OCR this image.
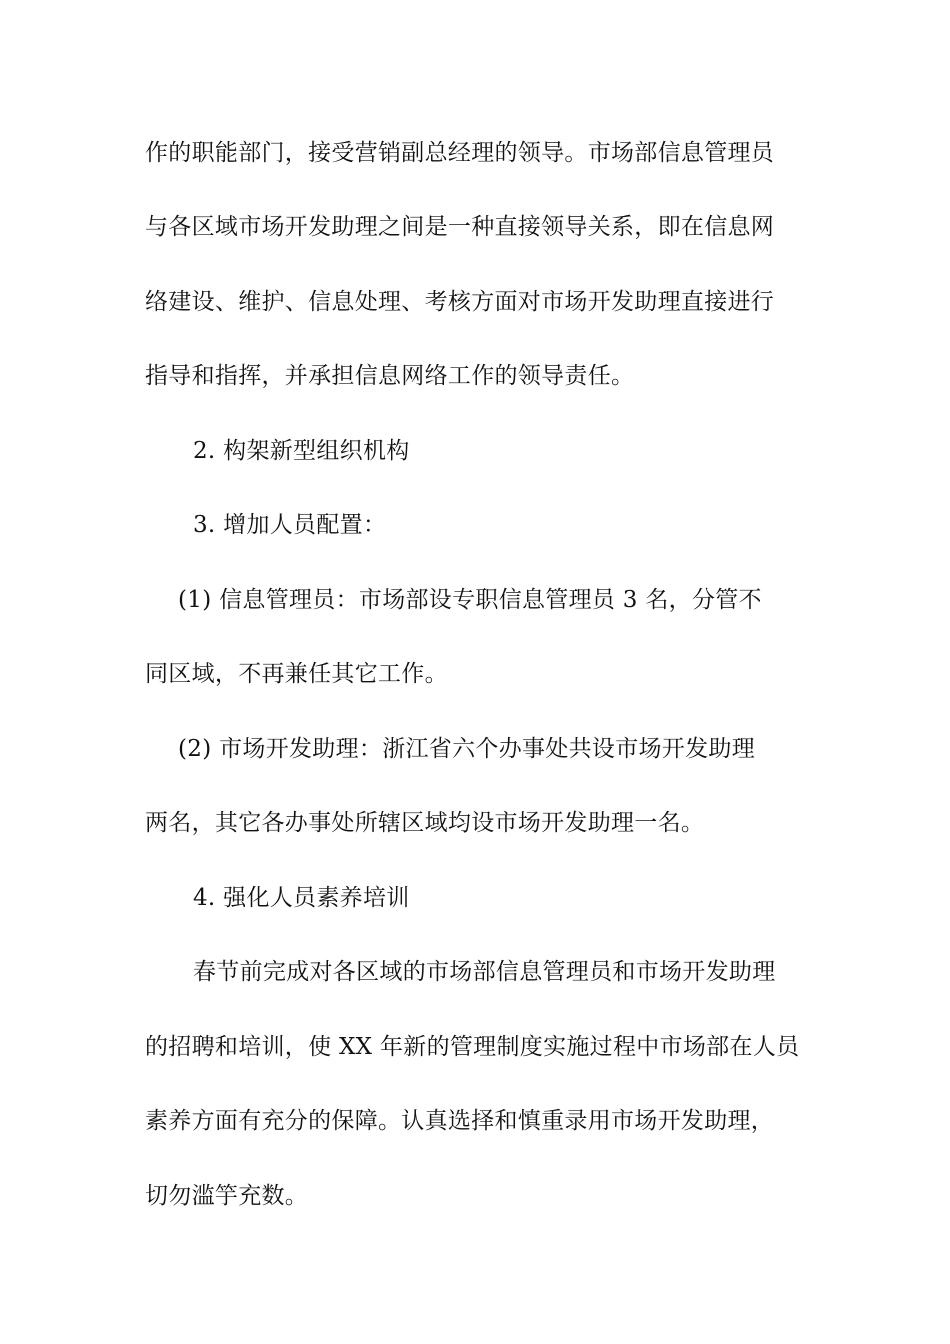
作的职能部门，接受营销副总经理的领导。市场部信息管理员
与各区域市场开发助理之间是一种直接领导关系，即在信息网
络建设、维护、信息处理、考核方面对市场开发助理直接进行
指导和指挥，并承担信息网络工作的领导责任。
2. 构架新型组织机构
3. 增加人员配置：
(1) 信息管理员：市场部设专职信息管理员 3 名，分管不
同区域，不再兼任其它工作。
(2) 市场开发助理：浙江省六个办事处共设市场开发助理
两名，其它各办事处所辖区域均设市场开发助理一名。
4. 强化人员素养培训
春节前完成对各区域的市场部信息管理员和市场开发助理
的招聘和培训，使 XX 年新的管理制度实施过程中市场部在人员
素养方面有充分的保障。认真选择和慎重录用市场开发助理，
切勿滥竽充数。
